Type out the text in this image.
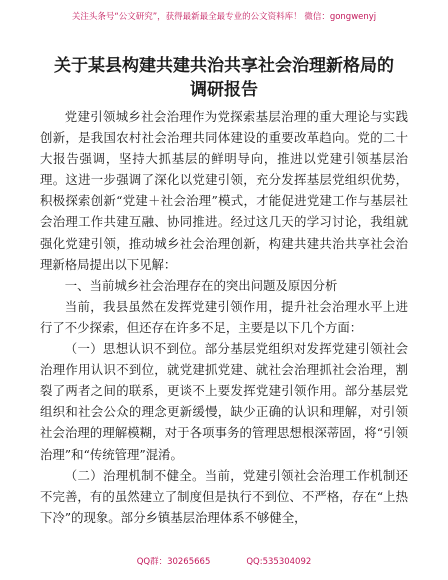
关注头条号“公文研究”，获得最新最全最专业的公文资料库！ 微信：gongwenyj
关于某县构建共建共治共享社会治理新格局的
调研报告

党建引领城乡社会治理作为党探索基层治理的重大理论与实践创新，是我国农村社会治理共同体建设的重要改革趋向。党的二十大报告强调，坚持大抓基层的鲜明导向，推进以党建引领基层治理。这进一步强调了深化以党建引领，充分发挥基层党组织优势，积极探索创新“党建＋社会治理”模式，才能促进党建工作与基层社会治理工作共建互融、协同推进。经过这几天的学习讨论，我组就强化党建引领，推动城乡社会治理创新，构建共建共治共享社会治理新格局提出以下见解：

一、当前城乡社会治理存在的突出问题及原因分析

当前，我县虽然在发挥党建引领作用，提升社会治理水平上进行了不少探索，但还存在许多不足，主要是以下几个方面：

（一）思想认识不到位。部分基层党组织对发挥党建引领社会治理作用认识不到位，就党建抓党建、就社会治理抓社会治理，割裂了两者之间的联系，更谈不上要发挥党建引领作用。部分基层党组织和社会公众的理念更新缓慢，缺少正确的认识和理解，对引领社会治理的理解模糊，对于各项事务的管理思想根深蒂固，将“引领治理”和“传统管理”混淆。

（二）治理机制不健全。当前，党建引领社会治理工作机制还不完善，有的虽然建立了制度但是执行不到位、不严格，存在“上热下冷”的现象。部分乡镇基层治理体系不够健全，

QQ群：30265665	QQ:535304092
